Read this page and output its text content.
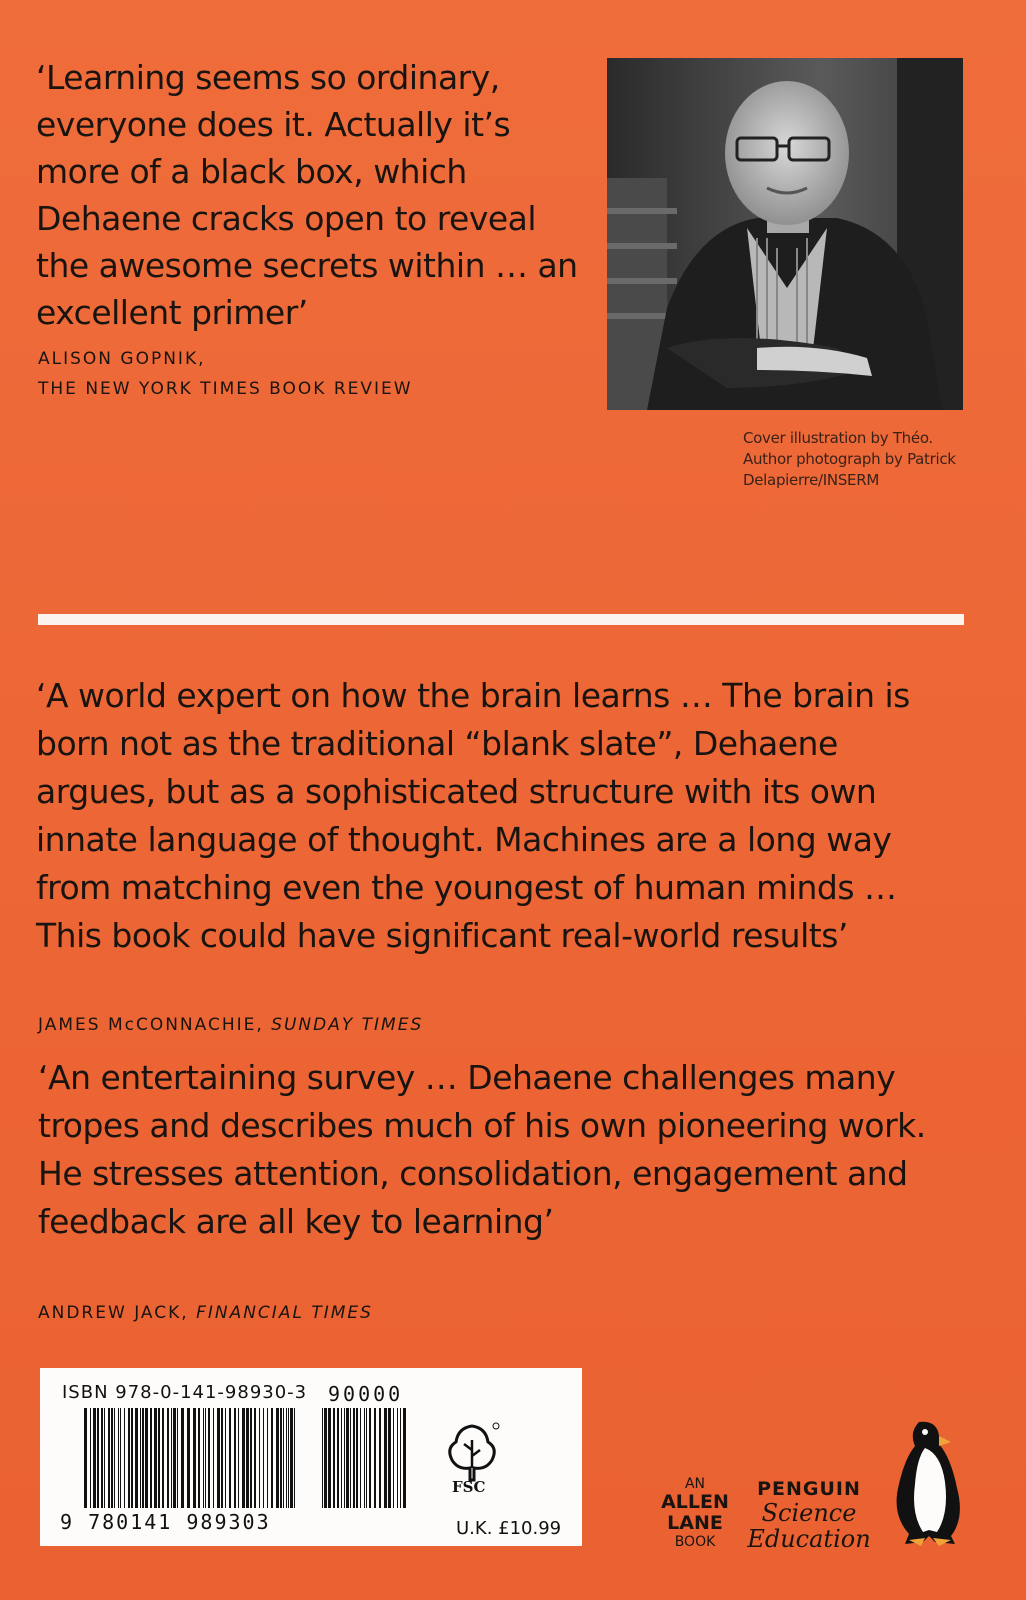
‘Learning seems so ordinary, everyone does it. Actually it’s more of a black box, which Dehaene cracks open to reveal the awesome secrets within … an excellent primer’
ALISON GOPNIK,
THE NEW YORK TIMES BOOK REVIEW
Cover illustration by Théo.
Author photograph by Patrick
Delapierre/INSERM
‘A world expert on how the brain learns … The brain is born not as the traditional “blank slate”, Dehaene argues, but as a sophisticated structure with its own innate language of thought. Machines are a long way from matching even the youngest of human minds … This book could have significant real-world results’
JAMES McCONNACHIE, SUNDAY TIMES
‘An entertaining survey … Dehaene challenges many tropes and describes much of his own pioneering work. He stresses attention, consolidation, engagement and feedback are all key to learning’
ANDREW JACK, FINANCIAL TIMES
ISBN 978-0-141-98930-3 90000
9 780141 989303
FSC
U.K. £10.99
AN
ALLEN
LANE
BOOK
PENGUIN
Science
Education
